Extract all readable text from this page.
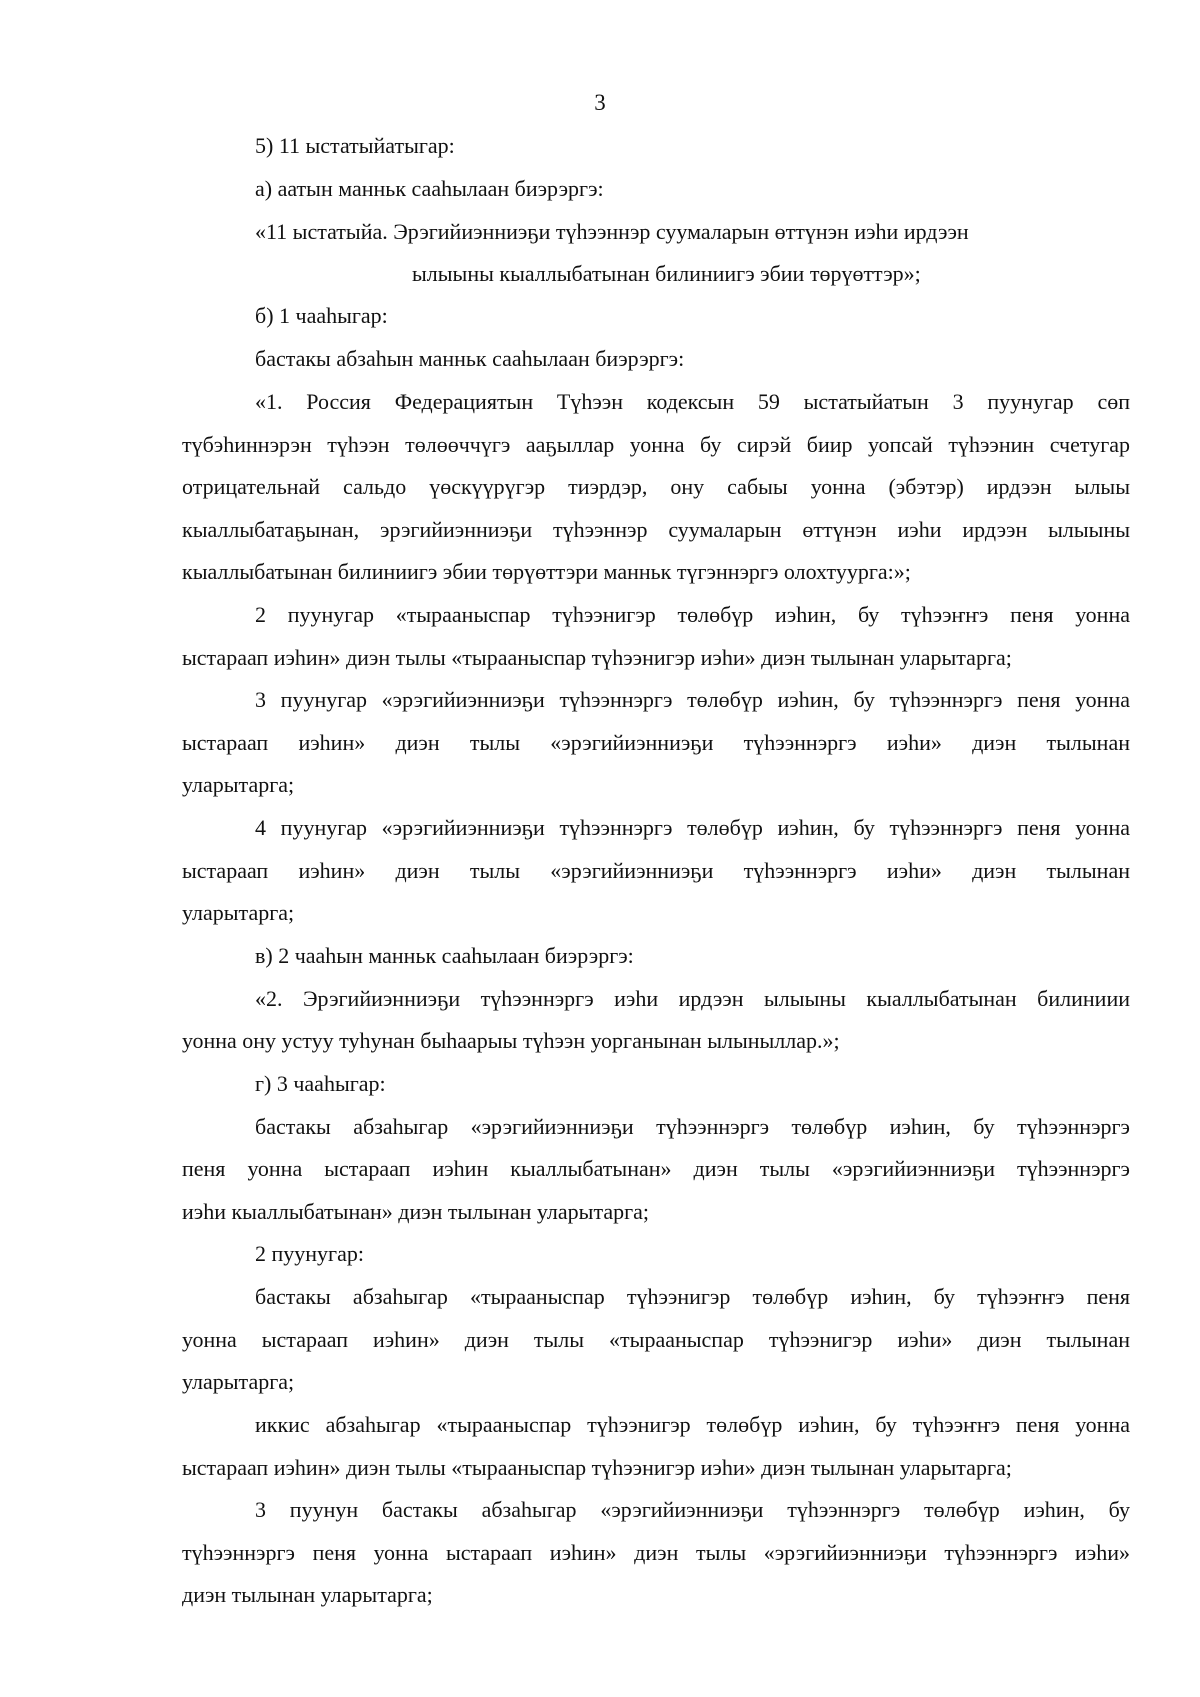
3
5) 11 ыстатыйатыгар:
а) аатын манньк сааһылаан биэрэргэ:
«11 ыстатыйа. Эрэгийиэнниэҕи түһээннэр суумаларын өттүнэн иэһи ирдээн
ылыыны кыаллыбатынан билиниигэ эбии төрүөттэр»;
б) 1 чааһыгар:
бастакы абзаһын манньк сааһылаан биэрэргэ:
«1. Россия Федерациятын Түһээн кодексын 59 ыстатыйатын 3 пуунугар сөп
түбэһиннэрэн түһээн төлөөччүгэ ааҕыллар уонна бу сирэй биир уопсай түһээнин счетугар
отрицательнай сальдо үөскүүрүгэр тиэрдэр, ону сабыы уонна (эбэтэр) ирдээн ылыы
кыаллыбатаҕынан, эрэгийиэнниэҕи түһээннэр суумаларын өттүнэн иэһи ирдээн ылыыны
кыаллыбатынан билиниигэ эбии төрүөттэри манньк түгэннэргэ олохтуурга:»;
2 пуунугар «тырааныспар түһээнигэр төлөбүр иэһин, бу түһээҥҥэ пеня уонна
ыстараап иэһин» диэн тылы «тырааныспар түһээнигэр иэһи» диэн тылынан уларытарга;
3 пуунугар «эрэгийиэнниэҕи түһээннэргэ төлөбүр иэһин, бу түһээннэргэ пеня уонна
ыстараап иэһин» диэн тылы «эрэгийиэнниэҕи түһээннэргэ иэһи» диэн тылынан
уларытарга;
4 пуунугар «эрэгийиэнниэҕи түһээннэргэ төлөбүр иэһин, бу түһээннэргэ пеня уонна
ыстараап иэһин» диэн тылы «эрэгийиэнниэҕи түһээннэргэ иэһи» диэн тылынан
уларытарга;
в) 2 чааһын манньк сааһылаан биэрэргэ:
«2. Эрэгийиэнниэҕи түһээннэргэ иэһи ирдээн ылыыны кыаллыбатынан билиниии
уонна ону устуу туһунан быһаарыы түһээн уорганынан ылыныллар.»;
г) 3 чааһыгар:
бастакы абзаһыгар «эрэгийиэнниэҕи түһээннэргэ төлөбүр иэһин, бу түһээннэргэ
пеня уонна ыстараап иэһин кыаллыбатынан» диэн тылы «эрэгийиэнниэҕи түһээннэргэ
иэһи кыаллыбатынан» диэн тылынан уларытарга;
2 пуунугар:
бастакы абзаһыгар «тырааныспар түһээнигэр төлөбүр иэһин, бу түһээҥҥэ пеня
уонна ыстараап иэһин» диэн тылы «тырааныспар түһээнигэр иэһи» диэн тылынан
уларытарга;
иккис абзаһыгар «тырааныспар түһээнигэр төлөбүр иэһин, бу түһээҥҥэ пеня уонна
ыстараап иэһин» диэн тылы «тырааныспар түһээнигэр иэһи» диэн тылынан уларытарга;
3 пуунун бастакы абзаһыгар «эрэгийиэнниэҕи түһээннэргэ төлөбүр иэһин, бу
түһээннэргэ пеня уонна ыстараап иэһин» диэн тылы «эрэгийиэнниэҕи түһээннэргэ иэһи»
диэн тылынан уларытарга;
